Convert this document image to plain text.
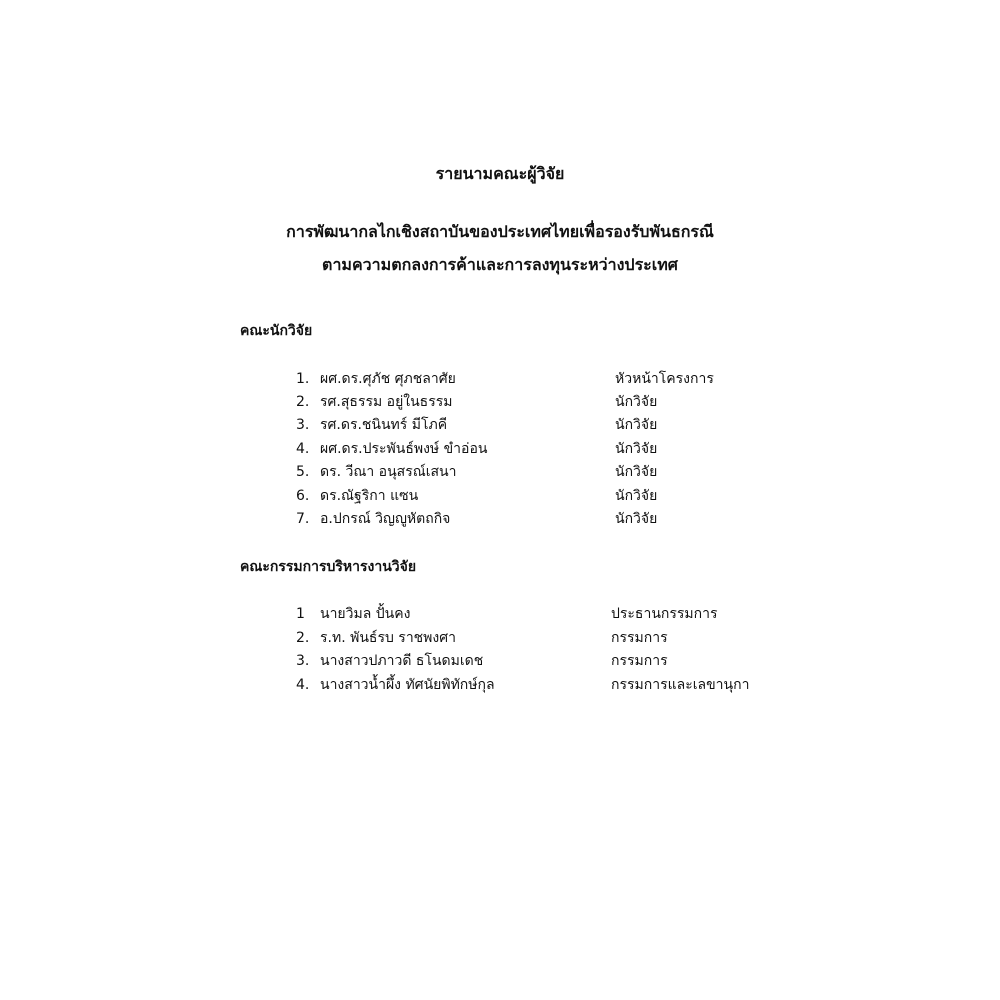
รายนามคณะผู้วิจัย
การพัฒนากลไกเชิงสถาบันของประเทศไทยเพื่อรองรับพันธกรณี
ตามความตกลงการค้าและการลงทุนระหว่างประเทศ
คณะนักวิจัย
1. ผศ.ดร.ศุภัช ศุภชลาศัย	หัวหน้าโครงการ
2. รศ.สุธรรม อยู่ในธรรม	นักวิจัย
3. รศ.ดร.ชนินทร์ มีโภคี	นักวิจัย
4. ผศ.ดร.ประพันธ์พงษ์ ขำอ่อน	นักวิจัย
5. ดร. วีณา อนุสรณ์เสนา	นักวิจัย
6. ดร.ณัฐริกา แซน	นักวิจัย
7. อ.ปกรณ์ วิญญูหัตถกิจ	นักวิจัย
คณะกรรมการบริหารงานวิจัย
1 นายวิมล ปั้นคง	ประธานกรรมการ
2. ร.ท. พันธ์รบ ราชพงศา	กรรมการ
3. นางสาวปภาวดี ธโนดมเดช	กรรมการ
4. นางสาวน้ำผึ้ง ทัศนัยพิทักษ์กุล	กรรมการและเลขานุกา
